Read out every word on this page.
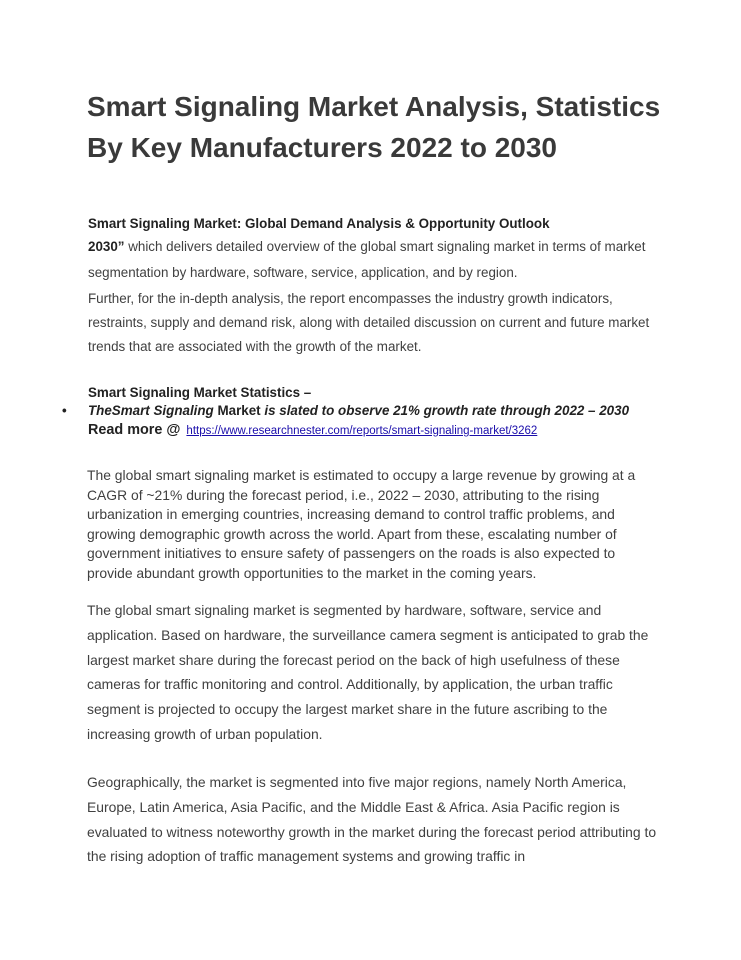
Smart Signaling Market Analysis, Statistics By Key Manufacturers 2022 to 2030
Smart Signaling Market: Global Demand Analysis & Opportunity Outlook
2030” which delivers detailed overview of the global smart signaling market in terms of market segmentation by hardware, software, service, application, and by region.
Further, for the in-depth analysis, the report encompasses the industry growth indicators, restraints, supply and demand risk, along with detailed discussion on current and future market trends that are associated with the growth of the market.
Smart Signaling Market Statistics –
• TheSmart Signaling Market is slated to observe 21% growth rate through 2022 – 2030
Read more @ https://www.researchnester.com/reports/smart-signaling-market/3262

The global smart signaling market is estimated to occupy a large revenue by growing at a CAGR of ~21% during the forecast period, i.e., 2022 – 2030, attributing to the rising urbanization in emerging countries, increasing demand to control traffic problems, and growing demographic growth across the world. Apart from these, escalating number of government initiatives to ensure safety of passengers on the roads is also expected to provide abundant growth opportunities to the market in the coming years.

The global smart signaling market is segmented by hardware, software, service and application. Based on hardware, the surveillance camera segment is anticipated to grab the largest market share during the forecast period on the back of high usefulness of these cameras for traffic monitoring and control. Additionally, by application, the urban traffic segment is projected to occupy the largest market share in the future ascribing to the increasing growth of urban population.

Geographically, the market is segmented into five major regions, namely North America, Europe, Latin America, Asia Pacific, and the Middle East & Africa. Asia Pacific region is evaluated to witness noteworthy growth in the market during the forecast period attributing to the rising adoption of traffic management systems and growing traffic in
